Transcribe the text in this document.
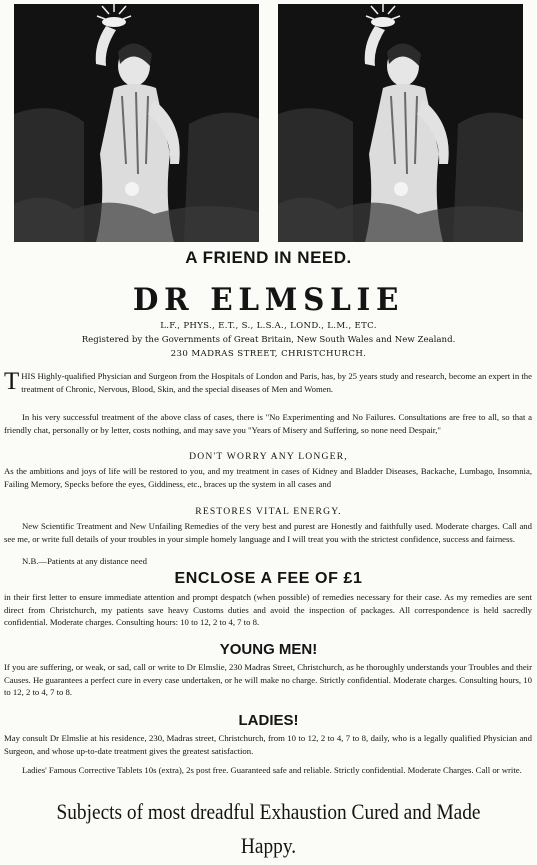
A FRIEND IN NEED.
DR ELMSLIE
L.F., PHYS., E.T., S., L.S.A., LOND., L.M., ETC.
Registered by the Governments of Great Britain, New South Wales and New Zealand.
230 MADRAS STREET, CHRISTCHURCH.
THIS Highly-qualified Physician and Surgeon from the Hospitals of London and Paris, has, by 25 years study and research, become an expert in the treatment of Chronic, Nervous, Blood, Skin, and the special diseases of Men and Women.
In his very successful treatment of the above class of cases, there is "No Experimenting and No Failures. Consultations are free to all, so that a friendly chat, personally or by letter, costs nothing, and may save you "Years of Misery and Suffering, so none need Despair,"
DON'T WORRY ANY LONGER,
As the ambitions and joys of life will be restored to you, and my treatment in cases of Kidney and Bladder Diseases, Backache, Lumbago, Insomnia, Failing Memory, Specks before the eyes, Giddiness, etc., braces up the system in all cases and
RESTORES VITAL ENERGY.
New Scientific Treatment and New Unfailing Remedies of the very best and purest are Honestly and faithfully used. Moderate charges. Call and see me, or write full details of your troubles in your simple homely language and I will treat you with the strictest confidence, success and fairness.
N.B.—Patients at any distance need
ENCLOSE A FEE OF £1
in their first letter to ensure immediate attention and prompt despatch (when possible) of remedies necessary for their case. As my remedies are sent direct from Christchurch, my patients save heavy Customs duties and avoid the inspection of packages. All correspondence is held sacredly confidential. Moderate charges. Consulting hours: 10 to 12, 2 to 4, 7 to 8.
YOUNG MEN!
If you are suffering, or weak, or sad, call or write to Dr Elmslie, 230 Madras Street, Christchurch, as he thoroughly understands your Troubles and their Causes. He guarantees a perfect cure in every case undertaken, or he will make no charge. Strictly confidential. Moderate charges. Consulting hours, 10 to 12, 2 to 4, 7 to 8.
LADIES!
May consult Dr Elmslie at his residence, 230, Madras street, Christchurch, from 10 to 12, 2 to 4, 7 to 8, daily, who is a legally qualified Physician and Surgeon, and whose up-to-date treatment gives the greatest satisfaction.
Ladies' Famous Corrective Tablets 10s (extra), 2s post free. Guaranteed safe and reliable. Strictly confidential. Moderate Charges. Call or write.
Subjects of most dreadful Exhaustion Cured and Made
Happy.
